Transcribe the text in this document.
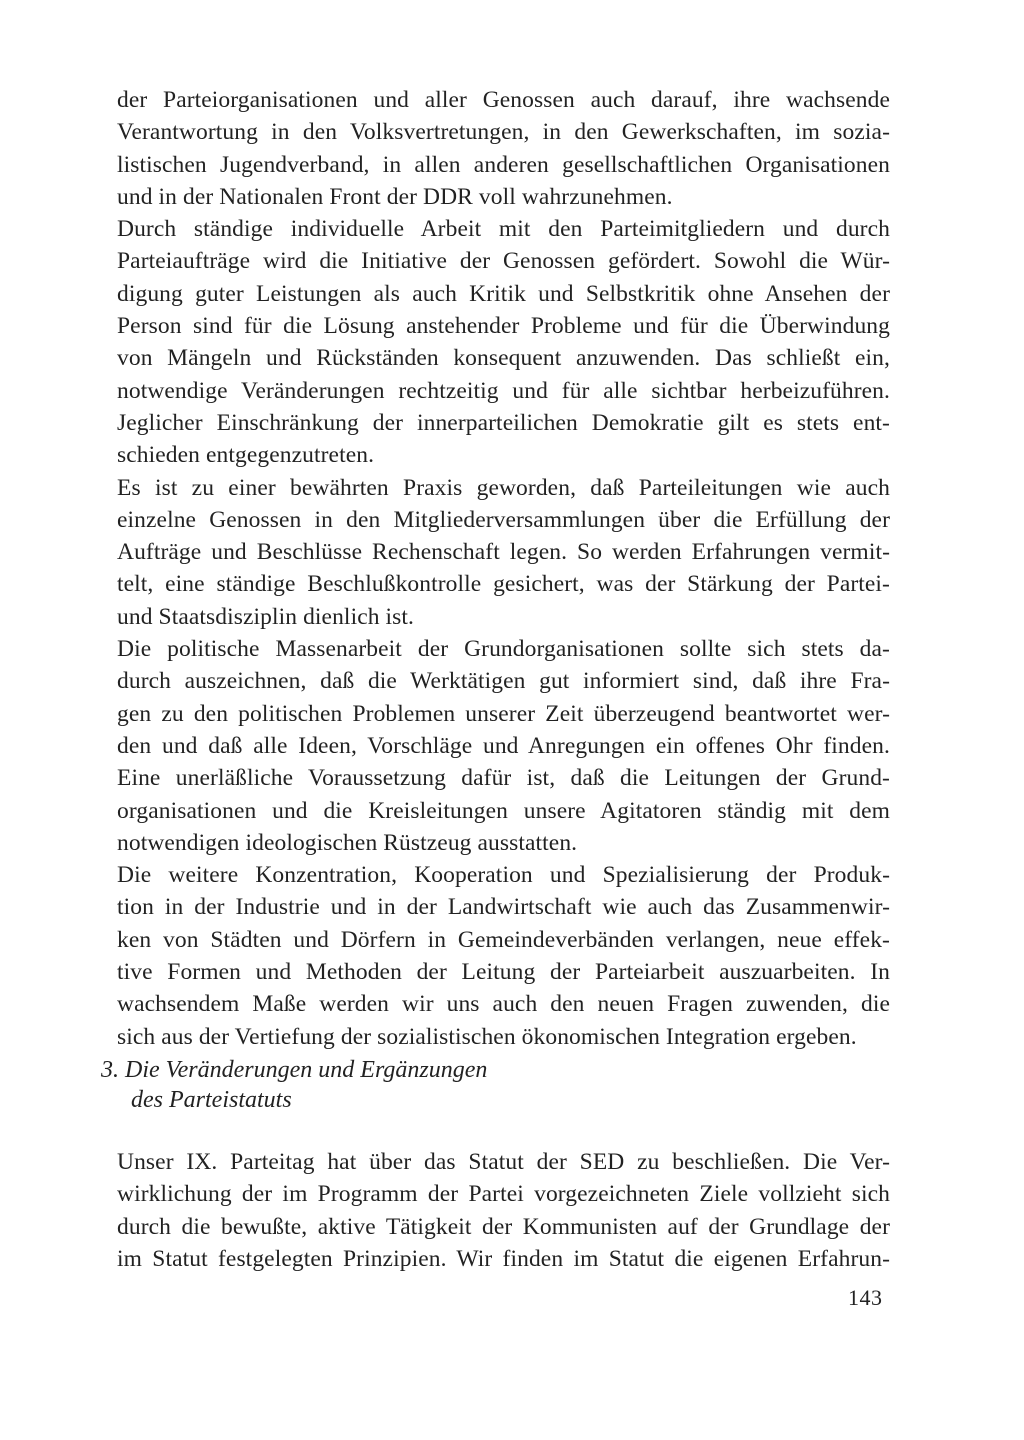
der Parteiorganisationen und aller Genossen auch darauf, ihre wachsende
Verantwortung in den Volksvertretungen, in den Gewerkschaften, im sozia-
listischen Jugendverband, in allen anderen gesellschaftlichen Organisationen
und in der Nationalen Front der DDR voll wahrzunehmen.
Durch ständige individuelle Arbeit mit den Parteimitgliedern und durch
Parteiaufträge wird die Initiative der Genossen gefördert. Sowohl die Wür-
digung guter Leistungen als auch Kritik und Selbstkritik ohne Ansehen der
Person sind für die Lösung anstehender Probleme und für die Überwindung
von Mängeln und Rückständen konsequent anzuwenden. Das schließt ein,
notwendige Veränderungen rechtzeitig und für alle sichtbar herbeizuführen.
Jeglicher Einschränkung der innerparteilichen Demokratie gilt es stets ent-
schieden entgegenzutreten.
Es ist zu einer bewährten Praxis geworden, daß Parteileitungen wie auch
einzelne Genossen in den Mitgliederversammlungen über die Erfüllung der
Aufträge und Beschlüsse Rechenschaft legen. So werden Erfahrungen vermit-
telt, eine ständige Beschlußkontrolle gesichert, was der Stärkung der Partei-
und Staatsdisziplin dienlich ist.
Die politische Massenarbeit der Grundorganisationen sollte sich stets da-
durch auszeichnen, daß die Werktätigen gut informiert sind, daß ihre Fra-
gen zu den politischen Problemen unserer Zeit überzeugend beantwortet wer-
den und daß alle Ideen, Vorschläge und Anregungen ein offenes Ohr finden.
Eine unerläßliche Voraussetzung dafür ist, daß die Leitungen der Grund-
organisationen und die Kreisleitungen unsere Agitatoren ständig mit dem
notwendigen ideologischen Rüstzeug ausstatten.
Die weitere Konzentration, Kooperation und Spezialisierung der Produk-
tion in der Industrie und in der Landwirtschaft wie auch das Zusammenwir-
ken von Städten und Dörfern in Gemeindeverbänden verlangen, neue effek-
tive Formen und Methoden der Leitung der Parteiarbeit auszuarbeiten. In
wachsendem Maße werden wir uns auch den neuen Fragen zuwenden, die
sich aus der Vertiefung der sozialistischen ökonomischen Integration ergeben.
3. Die Veränderungen und Ergänzungen
des Parteistatuts
Unser IX. Parteitag hat über das Statut der SED zu beschließen. Die Ver-
wirklichung der im Programm der Partei vorgezeichneten Ziele vollzieht sich
durch die bewußte, aktive Tätigkeit der Kommunisten auf der Grundlage der
im Statut festgelegten Prinzipien. Wir finden im Statut die eigenen Erfahrun-
143
